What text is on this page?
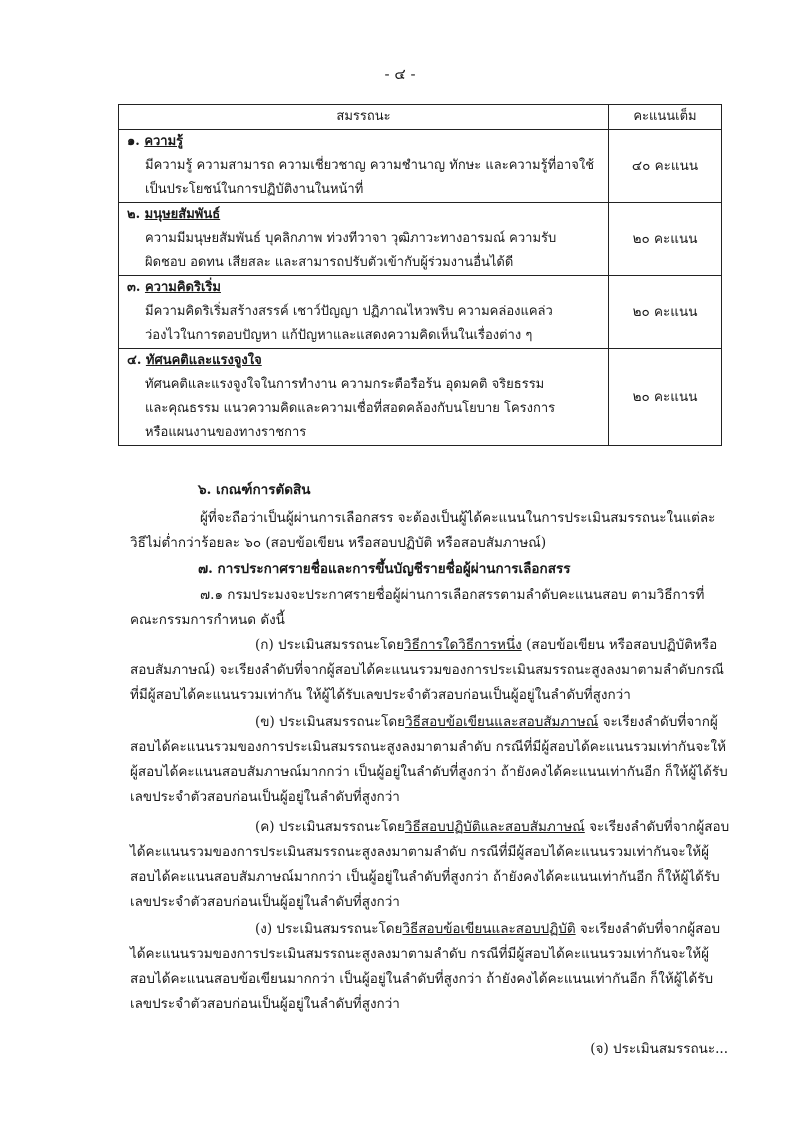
- ๔ -
สมรรถนะ	คะแนนเต็ม

๑. ความรู้
มีความรู้ ความสามารถ ความเชี่ยวชาญ ความชำนาญ ทักษะ และความรู้ที่อาจใช้
เป็นประโยชน์ในการปฏิบัติงานในหน้าที่	๔๐ คะแนน

๒. มนุษยสัมพันธ์
ความมีมนุษยสัมพันธ์ บุคลิกภาพ ท่วงทีวาจา วุฒิภาวะทางอารมณ์ ความรับ
ผิดชอบ อดทน เสียสละ และสามารถปรับตัวเข้ากับผู้ร่วมงานอื่นได้ดี	๒๐ คะแนน

๓. ความคิดริเริ่ม
มีความคิดริเริ่มสร้างสรรค์ เชาว์ปัญญา ปฏิภาณไหวพริบ ความคล่องแคล่ว
ว่องไวในการตอบปัญหา แก้ปัญหาและแสดงความคิดเห็นในเรื่องต่าง ๆ	๒๐ คะแนน

๔. ทัศนคติและแรงจูงใจ
ทัศนคติและแรงจูงใจในการทำงาน ความกระตือรือร้น อุดมคติ จริยธรรม
และคุณธรรม แนวความคิดและความเชื่อที่สอดคล้องกับนโยบาย โครงการ
หรือแผนงานของทางราชการ	๒๐ คะแนน

๖. เกณฑ์การตัดสิน

ผู้ที่จะถือว่าเป็นผู้ผ่านการเลือกสรร จะต้องเป็นผู้ได้คะแนนในการประเมินสมรรถนะในแต่ละวิธีไม่ต่ำกว่าร้อยละ ๖๐ (สอบข้อเขียน หรือสอบปฏิบัติ หรือสอบสัมภาษณ์)

๗. การประกาศรายชื่อและการขึ้นบัญชีรายชื่อผู้ผ่านการเลือกสรร

๗.๑ กรมประมงจะประกาศรายชื่อผู้ผ่านการเลือกสรรตามลำดับคะแนนสอบ ตามวิธีการที่คณะกรรมการกำหนด ดังนี้

(ก) ประเมินสมรรถนะโดยวิธีการใดวิธีการหนึ่ง (สอบข้อเขียน หรือสอบปฏิบัติหรือสอบสัมภาษณ์) จะเรียงลำดับที่จากผู้สอบได้คะแนนรวมของการประเมินสมรรถนะสูงลงมาตามลำดับกรณีที่มีผู้สอบได้คะแนนรวมเท่ากัน ให้ผู้ได้รับเลขประจำตัวสอบก่อนเป็นผู้อยู่ในลำดับที่สูงกว่า

(ข) ประเมินสมรรถนะโดยวิธีสอบข้อเขียนและสอบสัมภาษณ์ จะเรียงลำดับที่จากผู้สอบได้คะแนนรวมของการประเมินสมรรถนะสูงลงมาตามลำดับ กรณีที่มีผู้สอบได้คะแนนรวมเท่ากันจะให้ผู้สอบได้คะแนนสอบสัมภาษณ์มากกว่า เป็นผู้อยู่ในลำดับที่สูงกว่า ถ้ายังคงได้คะแนนเท่ากันอีก ก็ให้ผู้ได้รับเลขประจำตัวสอบก่อนเป็นผู้อยู่ในลำดับที่สูงกว่า

(ค) ประเมินสมรรถนะโดยวิธีสอบปฏิบัติและสอบสัมภาษณ์ จะเรียงลำดับที่จากผู้สอบได้คะแนนรวมของการประเมินสมรรถนะสูงลงมาตามลำดับ กรณีที่มีผู้สอบได้คะแนนรวมเท่ากันจะให้ผู้สอบได้คะแนนสอบสัมภาษณ์มากกว่า เป็นผู้อยู่ในลำดับที่สูงกว่า ถ้ายังคงได้คะแนนเท่ากันอีก ก็ให้ผู้ได้รับเลขประจำตัวสอบก่อนเป็นผู้อยู่ในลำดับที่สูงกว่า

(ง) ประเมินสมรรถนะโดยวิธีสอบข้อเขียนและสอบปฏิบัติ จะเรียงลำดับที่จากผู้สอบได้คะแนนรวมของการประเมินสมรรถนะสูงลงมาตามลำดับ กรณีที่มีผู้สอบได้คะแนนรวมเท่ากันจะให้ผู้สอบได้คะแนนสอบข้อเขียนมากกว่า เป็นผู้อยู่ในลำดับที่สูงกว่า ถ้ายังคงได้คะแนนเท่ากันอีก ก็ให้ผู้ได้รับเลขประจำตัวสอบก่อนเป็นผู้อยู่ในลำดับที่สูงกว่า

(จ) ประเมินสมรรถนะ...
